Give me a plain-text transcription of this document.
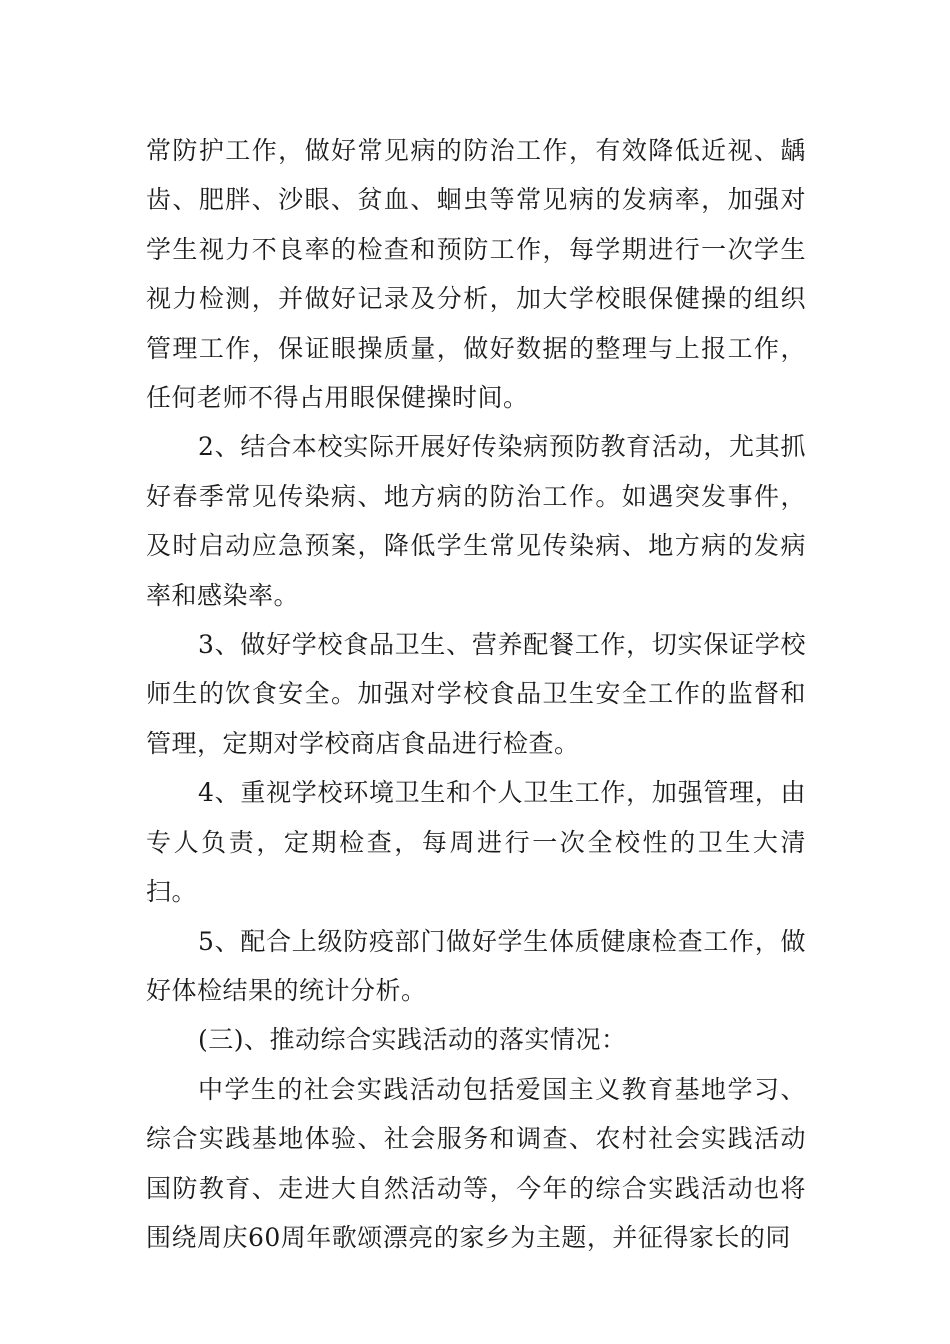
常防护工作，做好常见病的防治工作，有效降低近视、龋齿、肥胖、沙眼、贫血、蛔虫等常见病的发病率，加强对学生视力不良率的检查和预防工作，每学期进行一次学生视力检测，并做好记录及分析，加大学校眼保健操的组织管理工作，保证眼操质量，做好数据的整理与上报工作，任何老师不得占用眼保健操时间。

2、结合本校实际开展好传染病预防教育活动，尤其抓好春季常见传染病、地方病的防治工作。如遇突发事件，及时启动应急预案，降低学生常见传染病、地方病的发病率和感染率。

3、做好学校食品卫生、营养配餐工作，切实保证学校师生的饮食安全。加强对学校食品卫生安全工作的监督和管理，定期对学校商店食品进行检查。

4、重视学校环境卫生和个人卫生工作，加强管理，由专人负责，定期检查，每周进行一次全校性的卫生大清扫。

5、配合上级防疫部门做好学生体质健康检查工作，做好体检结果的统计分析。

(三)、推动综合实践活动的落实情况：

中学生的社会实践活动包括爱国主义教育基地学习、综合实践基地体验、社会服务和调查、农村社会实践活动国防教育、走进大自然活动等，今年的综合实践活动也将围绕周庆60周年歌颂漂亮的家乡为主题，并征得家长的同
